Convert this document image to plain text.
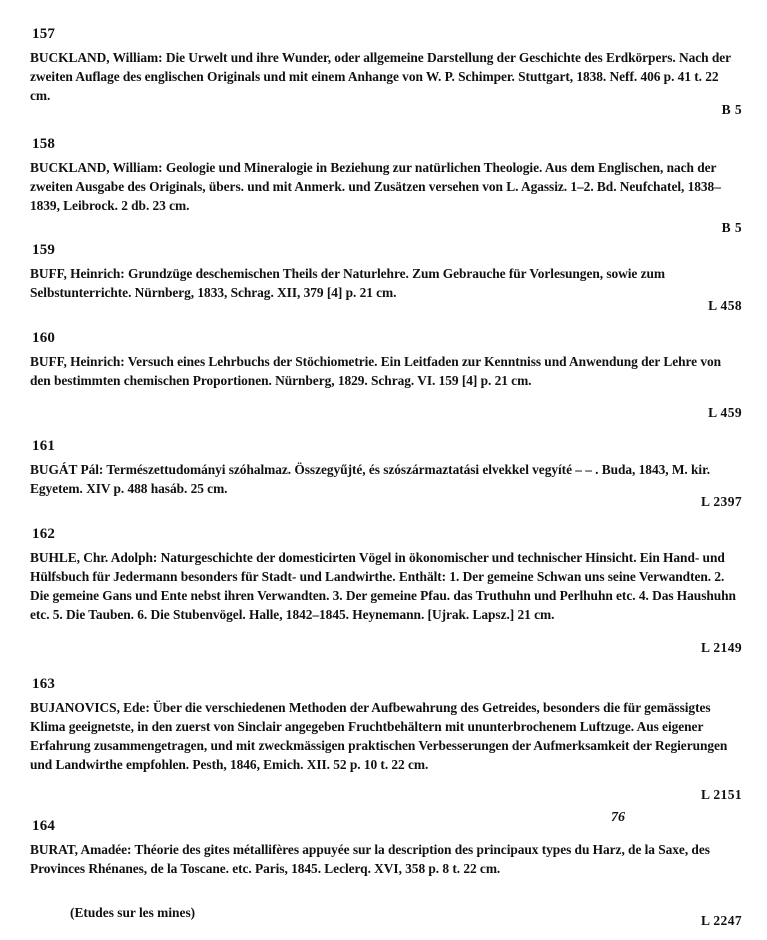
157

BUCKLAND, William: Die Urwelt und ihre Wunder, oder allgemeine Darstellung der Geschichte des Erdkörpers. Nach der zweiten Auflage des englischen Originals und mit einem Anhange von W. P. Schimper. Stuttgart, 1838. Neff. 406 p. 41 t. 22 cm.

B 5
158

BUCKLAND, William: Geologie und Mineralogie in Beziehung zur natürlichen Theologie. Aus dem Englischen, nach der zweiten Ausgabe des Originals, übers. und mit Anmerk. und Zusätzen versehen von L. Agassiz. 1–2. Bd. Neufchatel, 1838–1839, Leibrock. 2 db. 23 cm.

B 5
159

BUFF, Heinrich: Grundzüge deschemischen Theils der Naturlehre. Zum Gebrauche für Vorlesungen, sowie zum Selbstunterrichte. Nürnberg, 1833, Schrag. XII, 379 [4] p. 21 cm.

L 458
160

BUFF, Heinrich: Versuch eines Lehrbuchs der Stöchiometrie. Ein Leitfaden zur Kenntniss und Anwendung der Lehre von den bestimmten chemischen Proportionen. Nürnberg, 1829. Schrag. VI. 159 [4] p. 21 cm.

L 459
161

BUGÁT Pál: Természettudományi szóhalmaz. Összegyűjté, és szószármaztatási elvekkel vegyíté – – . Buda, 1843, M. kir. Egyetem. XIV p. 488 hasáb. 25 cm.

L 2397
162

BUHLE, Chr. Adolph: Naturgeschichte der domesticirten Vögel in ökonomischer und technischer Hinsicht. Ein Hand- und Hülfsbuch für Jedermann besonders für Stadt- und Landwirthe. Enthält: 1. Der gemeine Schwan uns seine Verwandten. 2. Die gemeine Gans und Ente nebst ihren Verwandten. 3. Der gemeine Pfau. das Truthuhn und Perlhuhn etc. 4. Das Haushuhn etc. 5. Die Tauben. 6. Die Stubenvögel. Halle, 1842–1845. Heynemann. [Ujrak. Lapsz.] 21 cm.

L 2149
163

BUJANOVICS, Ede: Über die verschiedenen Methoden der Aufbewahrung des Getreides, besonders die für gemässigtes Klima geeignetste, in den zuerst von Sinclair angegeben Fruchtbehältern mit ununterbrochenem Luftzuge. Aus eigener Erfahrung zusammengetragen, und mit zweckmässigen praktischen Verbesserungen der Aufmerksamkeit der Regierungen und Landwirthe empfohlen. Pesth, 1846, Emich. XII. 52 p. 10 t. 22 cm.

L 2151
164

BURAT, Amadée: Théorie des gites métallifères appuyée sur la description des principaux types du Harz, de la Saxe, des Provinces Rhénanes, de la Toscane. etc. Paris, 1845. Leclerq. XVI, 358 p. 8 t. 22 cm.

(Etudes sur les mines)
L 2247
76
